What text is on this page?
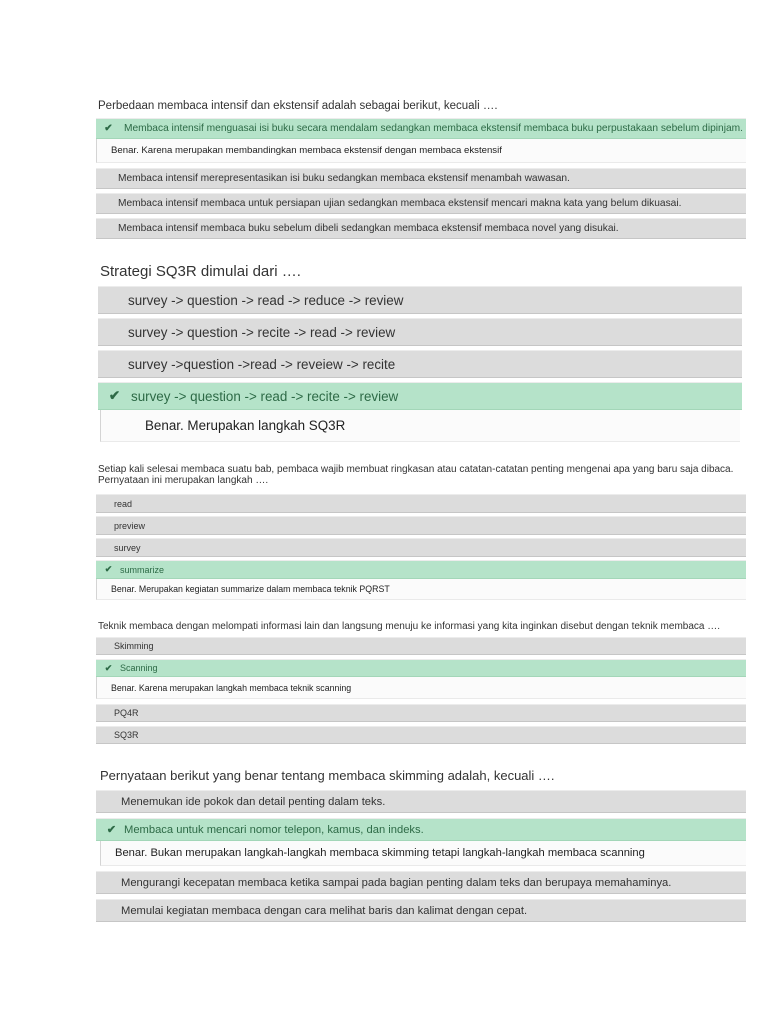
Perbedaan membaca intensif dan ekstensif adalah sebagai berikut, kecuali ….
✔ Membaca intensif menguasai isi buku secara mendalam sedangkan membaca ekstensif membaca buku perpustakaan sebelum dipinjam.
Benar. Karena merupakan membandingkan membaca ekstensif dengan membaca ekstensif
Membaca intensif merepresentasikan isi buku sedangkan membaca ekstensif menambah wawasan.
Membaca intensif membaca untuk persiapan ujian sedangkan membaca ekstensif mencari makna kata yang belum dikuasai.
Membaca intensif membaca buku sebelum dibeli sedangkan membaca ekstensif membaca novel yang disukai.
Strategi SQ3R dimulai dari ….
survey -> question -> read -> reduce -> review
survey -> question -> recite -> read -> review
survey ->question ->read -> reveiew -> recite
✔ survey -> question -> read -> recite -> review
Benar. Merupakan langkah SQ3R
Setiap kali selesai membaca suatu bab, pembaca wajib membuat ringkasan atau catatan-catatan penting mengenai apa yang baru saja dibaca.
Pernyataan ini merupakan langkah ….
read
preview
survey
✔ summarize
Benar. Merupakan kegiatan summarize dalam membaca teknik PQRST
Teknik membaca dengan melompati informasi lain dan langsung menuju ke informasi yang kita inginkan disebut dengan teknik membaca ….
Skimming
✔ Scanning
Benar. Karena merupakan langkah membaca teknik scanning
PQ4R
SQ3R
Pernyataan berikut yang benar tentang membaca skimming adalah, kecuali ….
Menemukan ide pokok dan detail penting dalam teks.
✔ Membaca untuk mencari nomor telepon, kamus, dan indeks.
Benar. Bukan merupakan langkah-langkah membaca skimming tetapi langkah-langkah membaca scanning
Mengurangi kecepatan membaca ketika sampai pada bagian penting dalam teks dan berupaya memahaminya.
Memulai kegiatan membaca dengan cara melihat baris dan kalimat dengan cepat.
